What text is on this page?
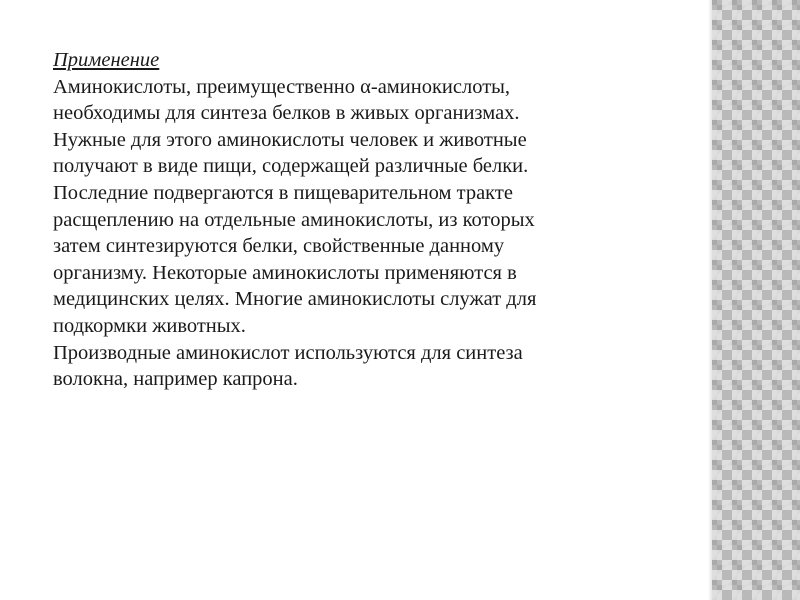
Применение
Аминокислоты, преимущественно α-аминокислоты,
необходимы для синтеза белков в живых организмах.
Нужные для этого аминокислоты человек и животные
получают в виде пищи, содержащей различные белки.
Последние подвергаются в пищеварительном тракте
расщеплению на отдельные аминокислоты, из которых
затем синтезируются белки, свойственные данному
организму. Некоторые аминокислоты применяются в
медицинских целях. Многие аминокислоты служат для
подкормки животных.
Производные аминокислот используются для синтеза
волокна, например капрона.
